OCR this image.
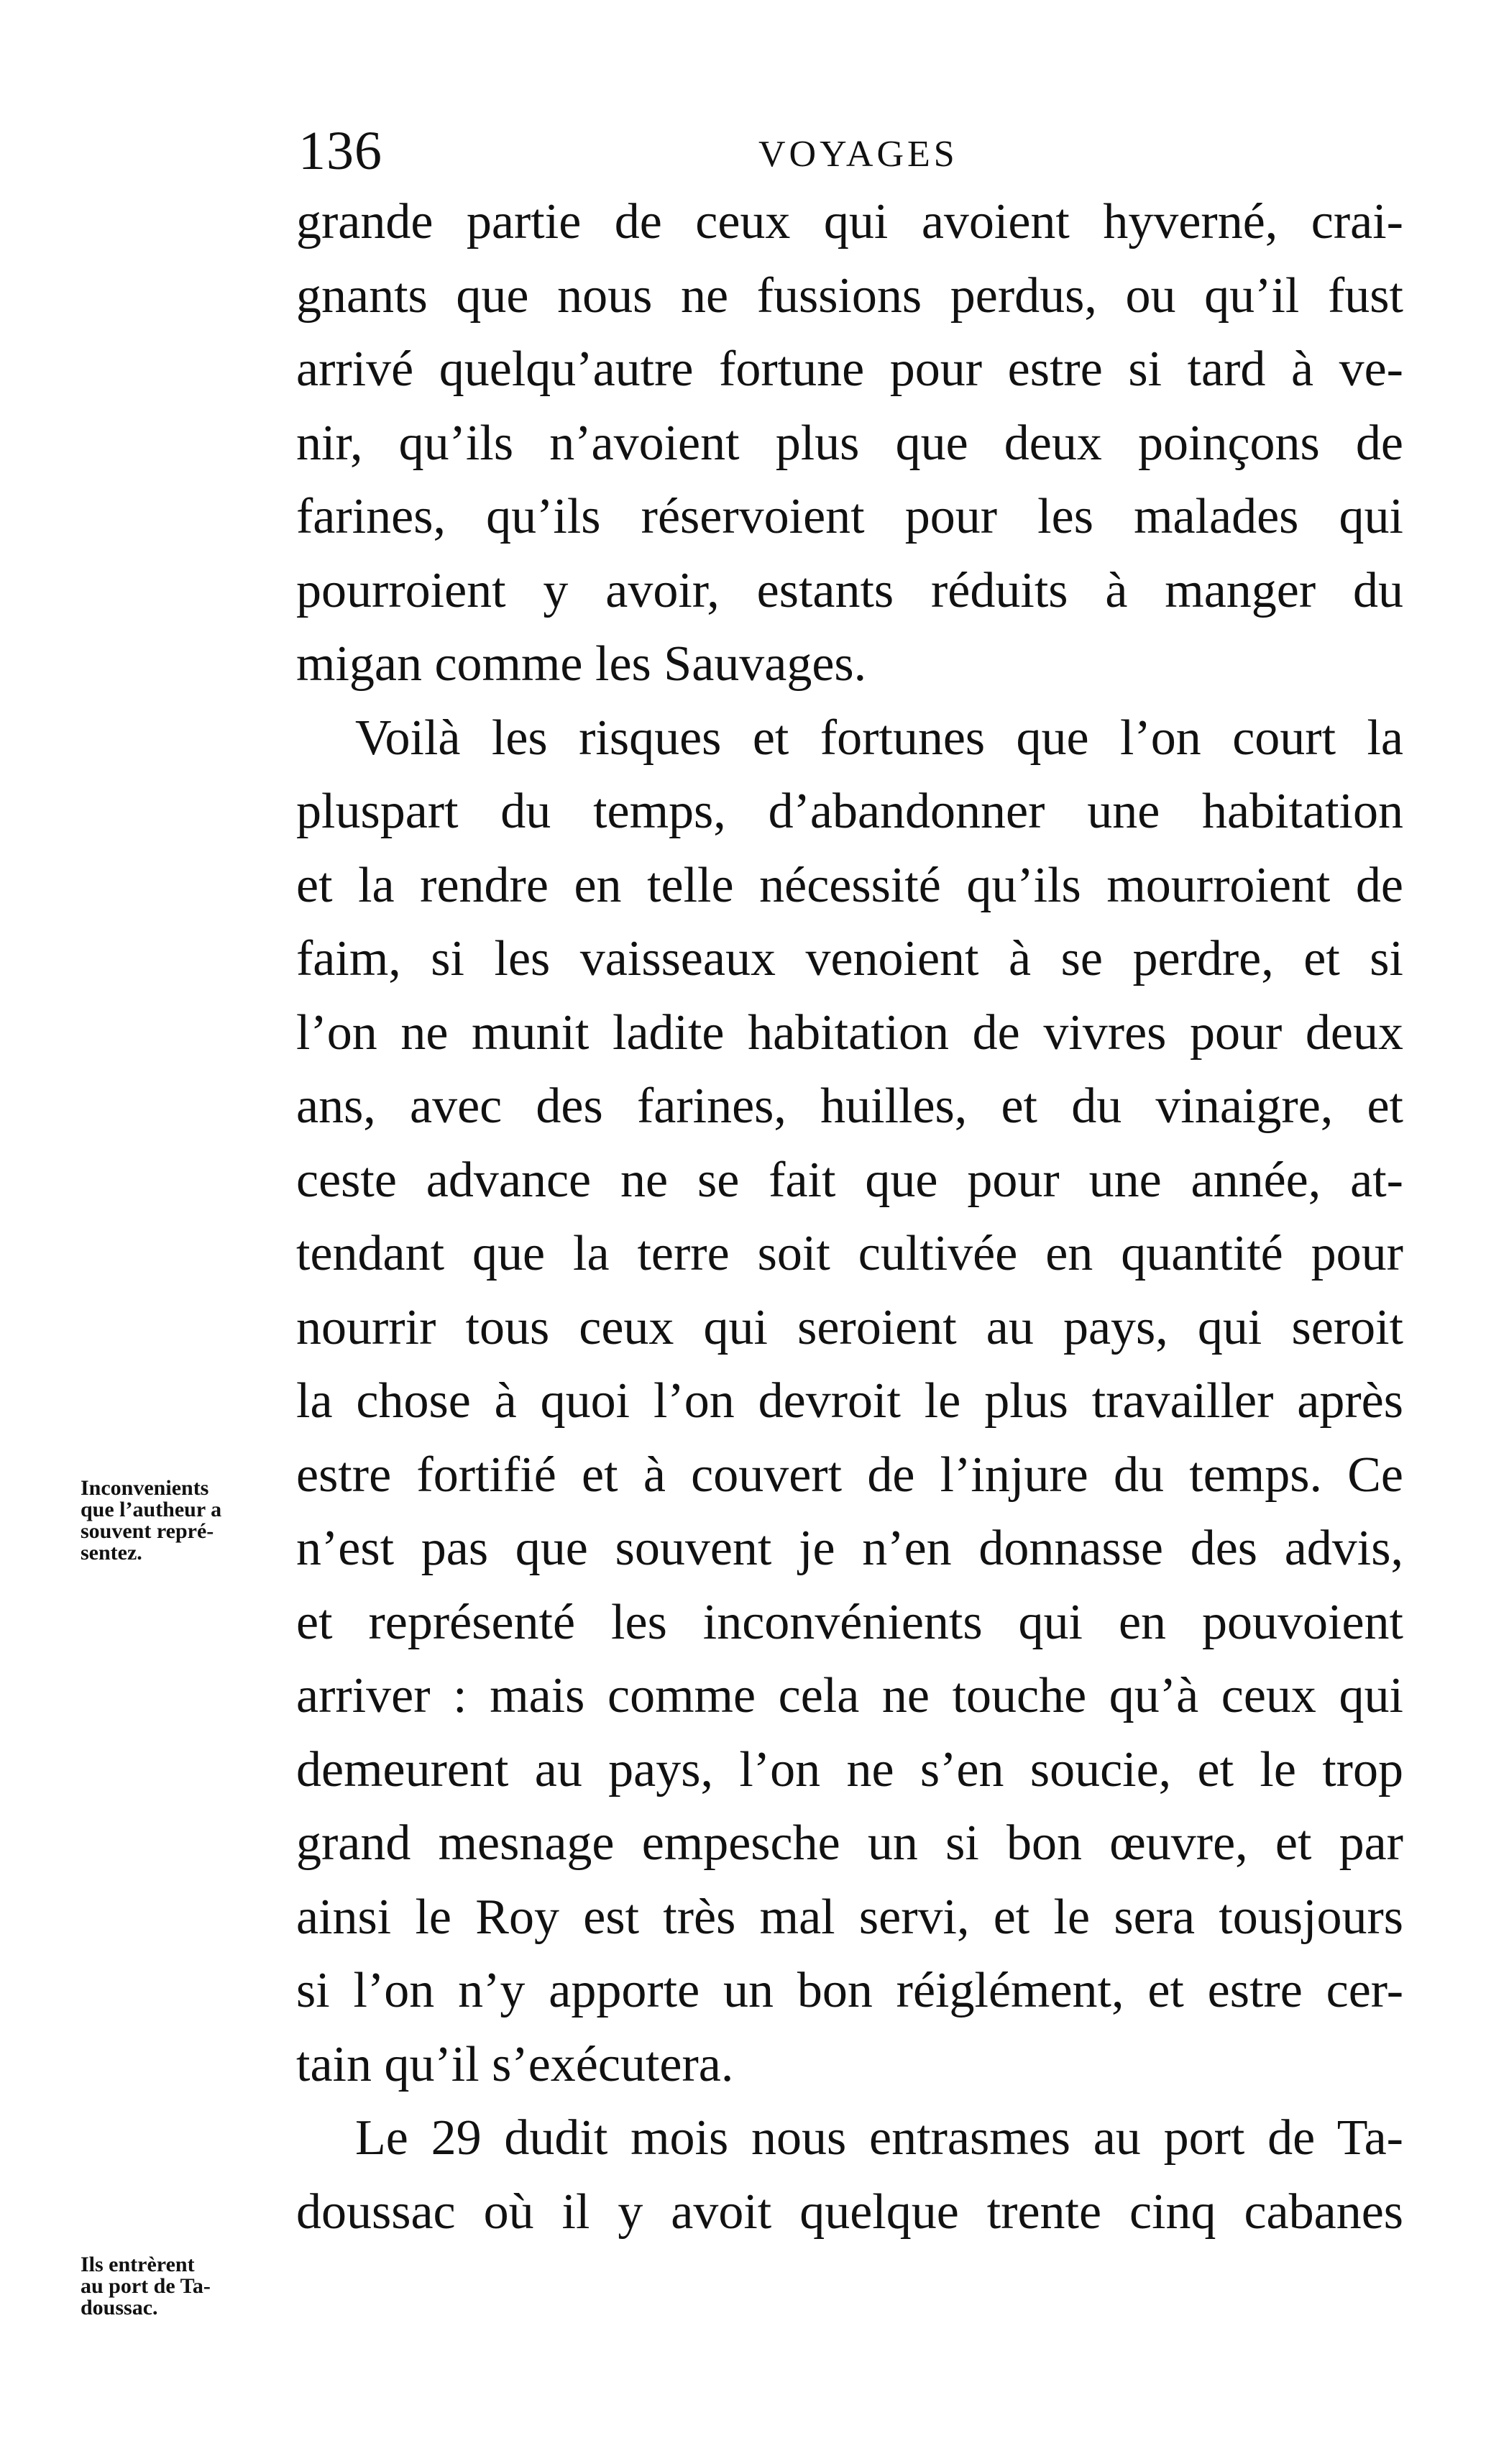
136	VOYAGES
grande partie de ceux qui avoient hyverné, crai-
gnants que nous ne fussions perdus, ou qu’il fust
arrivé quelqu’autre fortune pour estre si tard à ve-
nir, qu’ils n’avoient plus que deux poinçons de
farines, qu’ils réservoient pour les malades qui
pourroient y avoir, estants réduits à manger du
migan comme les Sauvages.
Voilà les risques et fortunes que l’on court la
pluspart du temps, d’abandonner une habitation
et la rendre en telle nécessité qu’ils mourroient de
faim, si les vaisseaux venoient à se perdre, et si
l’on ne munit ladite habitation de vivres pour deux
ans, avec des farines, huilles, et du vinaigre, et
ceste advance ne se fait que pour une année, at-
tendant que la terre soit cultivée en quantité pour
nourrir tous ceux qui seroient au pays, qui seroit
la chose à quoi l’on devroit le plus travailler après
estre fortifié et à couvert de l’injure du temps. Ce
n’est pas que souvent je n’en donnasse des advis,
et représenté les inconvénients qui en pouvoient
arriver : mais comme cela ne touche qu’à ceux qui
demeurent au pays, l’on ne s’en soucie, et le trop
grand mesnage empesche un si bon œuvre, et par
ainsi le Roy est très mal servi, et le sera tousjours
si l’on n’y apporte un bon réiglément, et estre cer-
tain qu’il s’exécutera.
Le 29 dudit mois nous entrasmes au port de Ta-
doussac où il y avoit quelque trente cinq cabanes
Inconvenients
que l’autheur a
souvent repré-
sentez.
Ils entrèrent
au port de Ta-
doussac.
